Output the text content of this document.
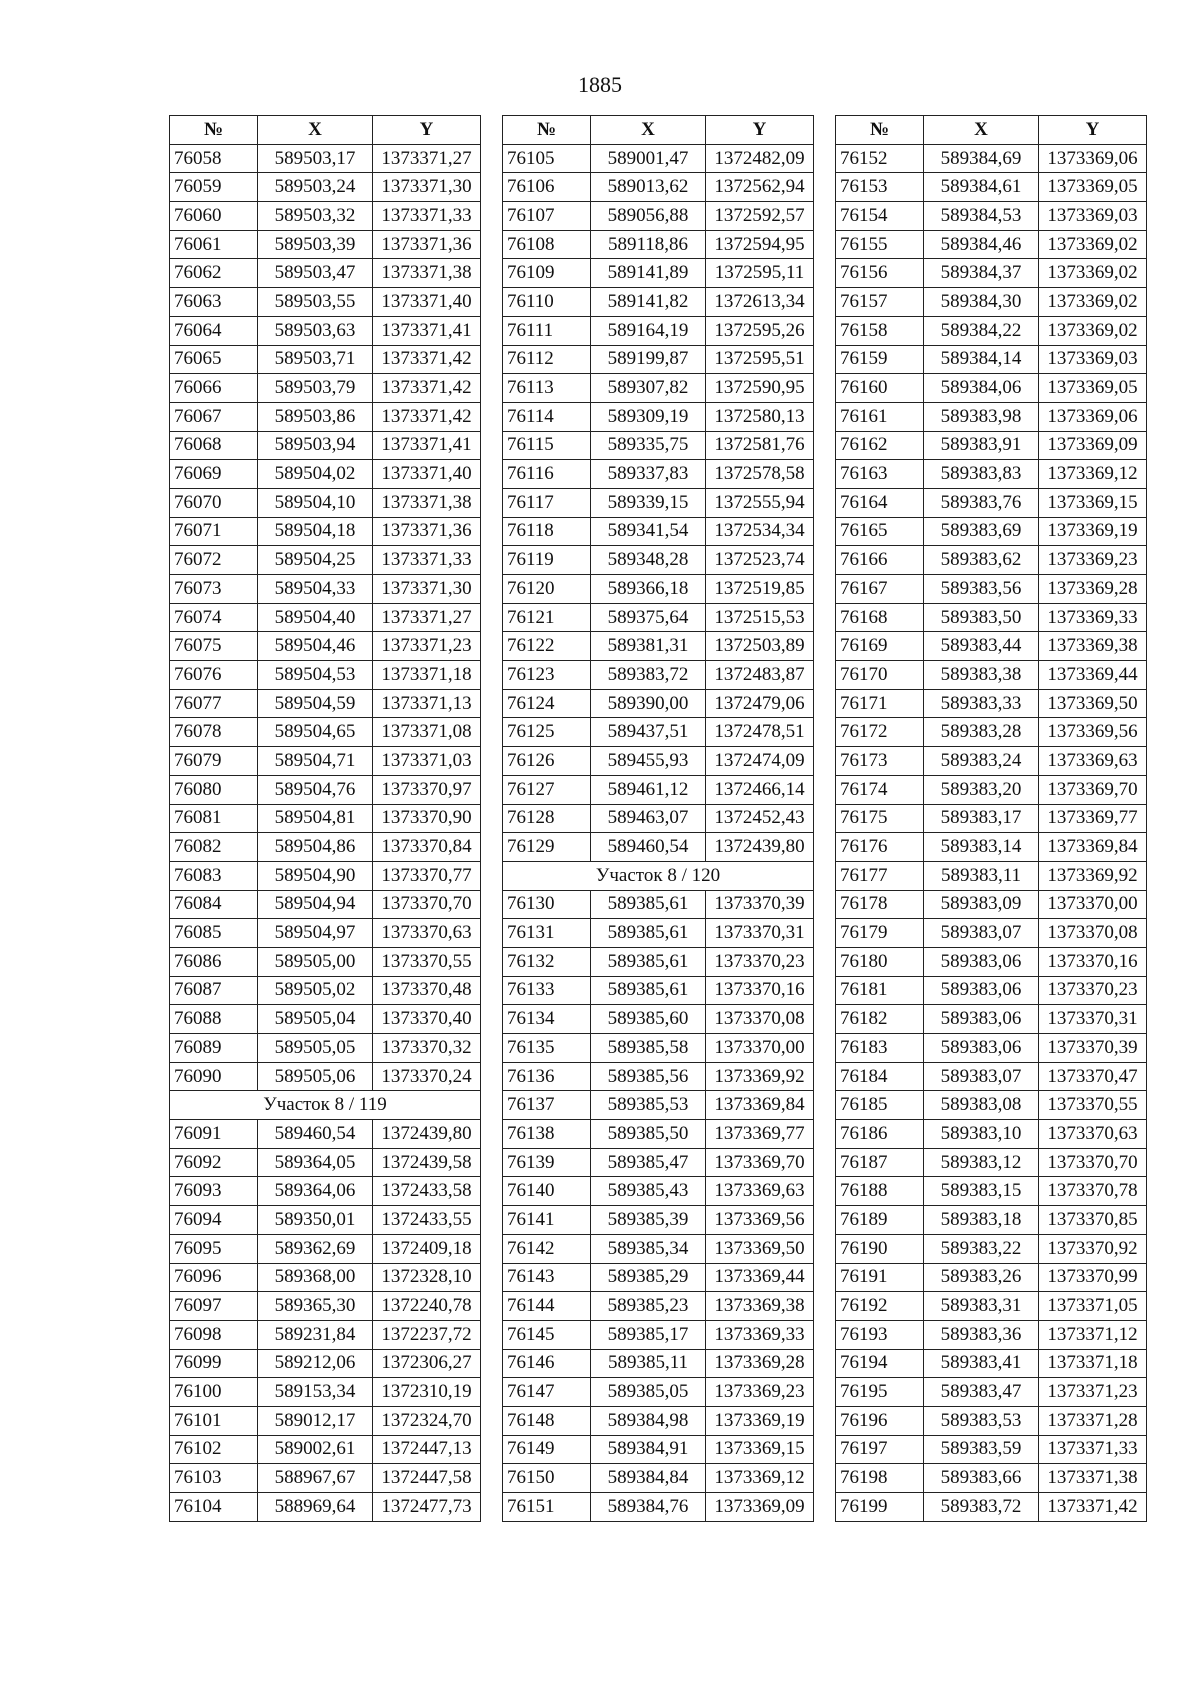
1885
№	X	Y
76058	589503,17	1373371,27
76059	589503,24	1373371,30
76060	589503,32	1373371,33
76061	589503,39	1373371,36
76062	589503,47	1373371,38
76063	589503,55	1373371,40
76064	589503,63	1373371,41
76065	589503,71	1373371,42
76066	589503,79	1373371,42
76067	589503,86	1373371,42
76068	589503,94	1373371,41
76069	589504,02	1373371,40
76070	589504,10	1373371,38
76071	589504,18	1373371,36
76072	589504,25	1373371,33
76073	589504,33	1373371,30
76074	589504,40	1373371,27
76075	589504,46	1373371,23
76076	589504,53	1373371,18
76077	589504,59	1373371,13
76078	589504,65	1373371,08
76079	589504,71	1373371,03
76080	589504,76	1373370,97
76081	589504,81	1373370,90
76082	589504,86	1373370,84
76083	589504,90	1373370,77
76084	589504,94	1373370,70
76085	589504,97	1373370,63
76086	589505,00	1373370,55
76087	589505,02	1373370,48
76088	589505,04	1373370,40
76089	589505,05	1373370,32
76090	589505,06	1373370,24
Участок 8 / 119		
76091	589460,54	1372439,80
76092	589364,05	1372439,58
76093	589364,06	1372433,58
76094	589350,01	1372433,55
76095	589362,69	1372409,18
76096	589368,00	1372328,10
76097	589365,30	1372240,78
76098	589231,84	1372237,72
76099	589212,06	1372306,27
76100	589153,34	1372310,19
76101	589012,17	1372324,70
76102	589002,61	1372447,13
76103	588967,67	1372447,58
76104	588969,64	1372477,73
№	X	Y
76105	589001,47	1372482,09
76106	589013,62	1372562,94
76107	589056,88	1372592,57
76108	589118,86	1372594,95
76109	589141,89	1372595,11
76110	589141,82	1372613,34
76111	589164,19	1372595,26
76112	589199,87	1372595,51
76113	589307,82	1372590,95
76114	589309,19	1372580,13
76115	589335,75	1372581,76
76116	589337,83	1372578,58
76117	589339,15	1372555,94
76118	589341,54	1372534,34
76119	589348,28	1372523,74
76120	589366,18	1372519,85
76121	589375,64	1372515,53
76122	589381,31	1372503,89
76123	589383,72	1372483,87
76124	589390,00	1372479,06
76125	589437,51	1372478,51
76126	589455,93	1372474,09
76127	589461,12	1372466,14
76128	589463,07	1372452,43
76129	589460,54	1372439,80
Участок 8 / 120		
76130	589385,61	1373370,39
76131	589385,61	1373370,31
76132	589385,61	1373370,23
76133	589385,61	1373370,16
76134	589385,60	1373370,08
76135	589385,58	1373370,00
76136	589385,56	1373369,92
76137	589385,53	1373369,84
76138	589385,50	1373369,77
76139	589385,47	1373369,70
76140	589385,43	1373369,63
76141	589385,39	1373369,56
76142	589385,34	1373369,50
76143	589385,29	1373369,44
76144	589385,23	1373369,38
76145	589385,17	1373369,33
76146	589385,11	1373369,28
76147	589385,05	1373369,23
76148	589384,98	1373369,19
76149	589384,91	1373369,15
76150	589384,84	1373369,12
76151	589384,76	1373369,09
№	X	Y
76152	589384,69	1373369,06
76153	589384,61	1373369,05
76154	589384,53	1373369,03
76155	589384,46	1373369,02
76156	589384,37	1373369,02
76157	589384,30	1373369,02
76158	589384,22	1373369,02
76159	589384,14	1373369,03
76160	589384,06	1373369,05
76161	589383,98	1373369,06
76162	589383,91	1373369,09
76163	589383,83	1373369,12
76164	589383,76	1373369,15
76165	589383,69	1373369,19
76166	589383,62	1373369,23
76167	589383,56	1373369,28
76168	589383,50	1373369,33
76169	589383,44	1373369,38
76170	589383,38	1373369,44
76171	589383,33	1373369,50
76172	589383,28	1373369,56
76173	589383,24	1373369,63
76174	589383,20	1373369,70
76175	589383,17	1373369,77
76176	589383,14	1373369,84
76177	589383,11	1373369,92
76178	589383,09	1373370,00
76179	589383,07	1373370,08
76180	589383,06	1373370,16
76181	589383,06	1373370,23
76182	589383,06	1373370,31
76183	589383,06	1373370,39
76184	589383,07	1373370,47
76185	589383,08	1373370,55
76186	589383,10	1373370,63
76187	589383,12	1373370,70
76188	589383,15	1373370,78
76189	589383,18	1373370,85
76190	589383,22	1373370,92
76191	589383,26	1373370,99
76192	589383,31	1373371,05
76193	589383,36	1373371,12
76194	589383,41	1373371,18
76195	589383,47	1373371,23
76196	589383,53	1373371,28
76197	589383,59	1373371,33
76198	589383,66	1373371,38
76199	589383,72	1373371,42
